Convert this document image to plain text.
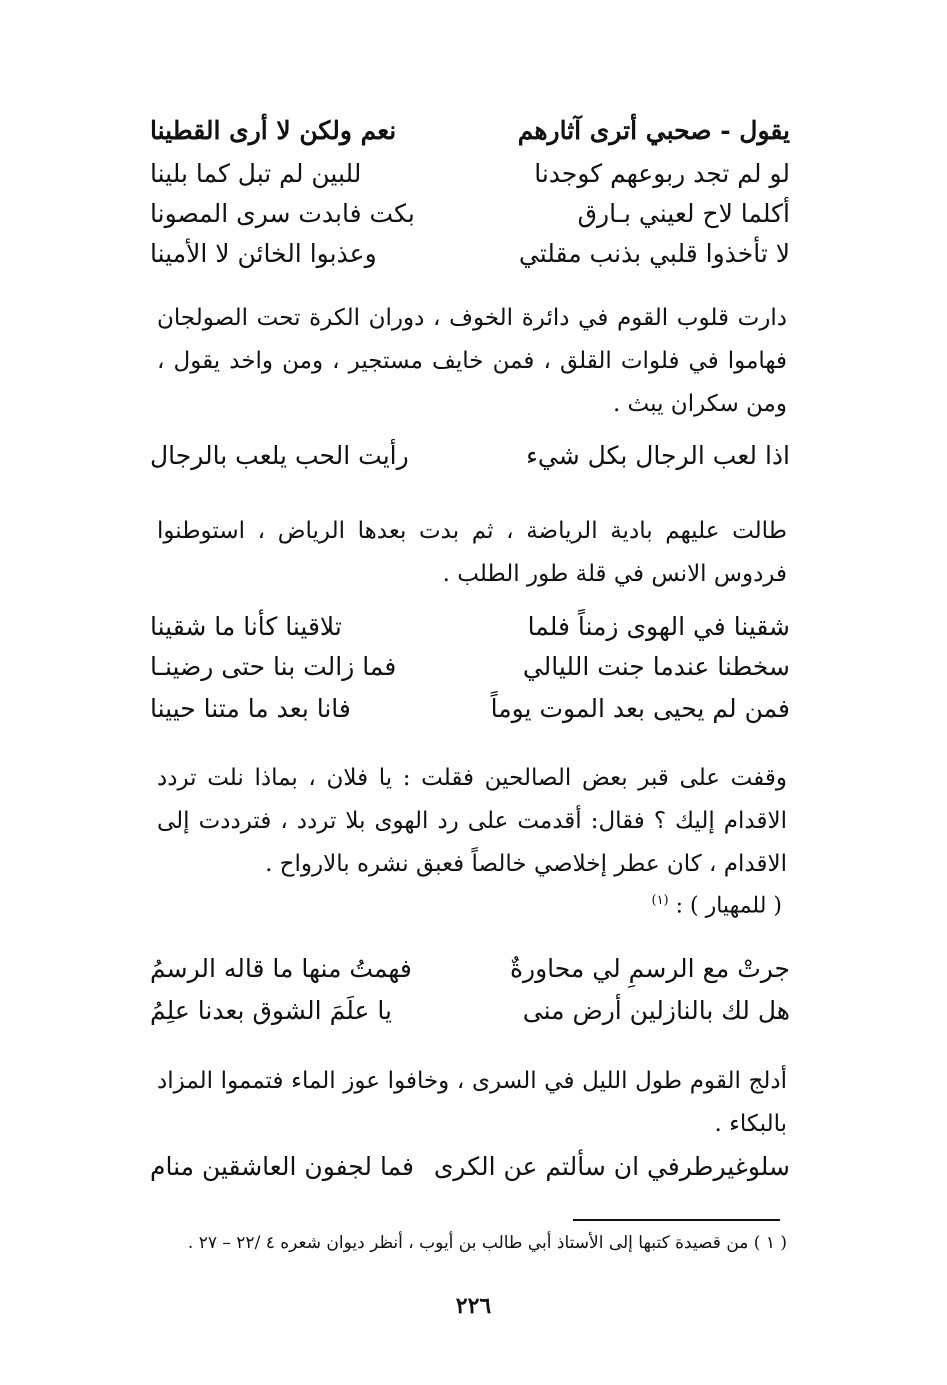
يقول - صحبي أترى آثارهم
نعم ولكن لا أرى القطينا
لو لم تجد ربوعهم كوجدنا
للبين لم تبل كما بلينا
أكلما لاح لعيني بـارق
بكت فابدت سرى المصونا
لا تأخذوا قلبي بذنب مقلتي
وعذبوا الخائن لا الأمينا

دارت قلوب القوم في دائرة الخوف ، دوران الكرة تحت الصولجان فهاموا في فلوات القلق ، فمن خايف مستجير ، ومن واخد يقول ، ومن سكران يبث .

اذا لعب الرجال بكل شيء
رأيت الحب يلعب بالرجال

طالت عليهم بادية الرياضة ، ثم بدت بعدها الرياض ، استوطنوا فردوس الانس في قلة طور الطلب .

شقينا في الهوى زمناً فلما
تلاقينا كأنا ما شقينا
سخطنا عندما جنت الليالي
فما زالت بنا حتى رضينـا
فمن لم يحيى بعد الموت يوماً
فانا بعد ما متنا حيينا

وقفت على قبر بعض الصالحين فقلت : يا فلان ، بماذا نلت تردد الاقدام إليك ؟ فقال: أقدمت على رد الهوى بلا تردد ، فترددت إلى الاقدام ، كان عطر إخلاصي خالصاً فعبق نشره بالارواح .

( للمهيار ) : $^{(١)}$
جرتْ مع الرسمِ لي محاورةٌ
فهمتُ منها ما قاله الرسمُ
هل لك بالنازلين أرض منى
يا علَمَ الشوق بعدنا علِمُ

أدلج القوم طول الليل في السرى ، وخافوا عوز الماء فتمموا المزاد بالبكاء .

سلوغيرطرفي ان سألتم عن الكرى
فما لجفون العاشقين منام
( ١ ) من قصيدة كتبها إلى الأستاذ أبي طالب بن أيوب ، أنظر ديوان شعره ٤ /٢٢ – ٢٧ .
٢٢٦
